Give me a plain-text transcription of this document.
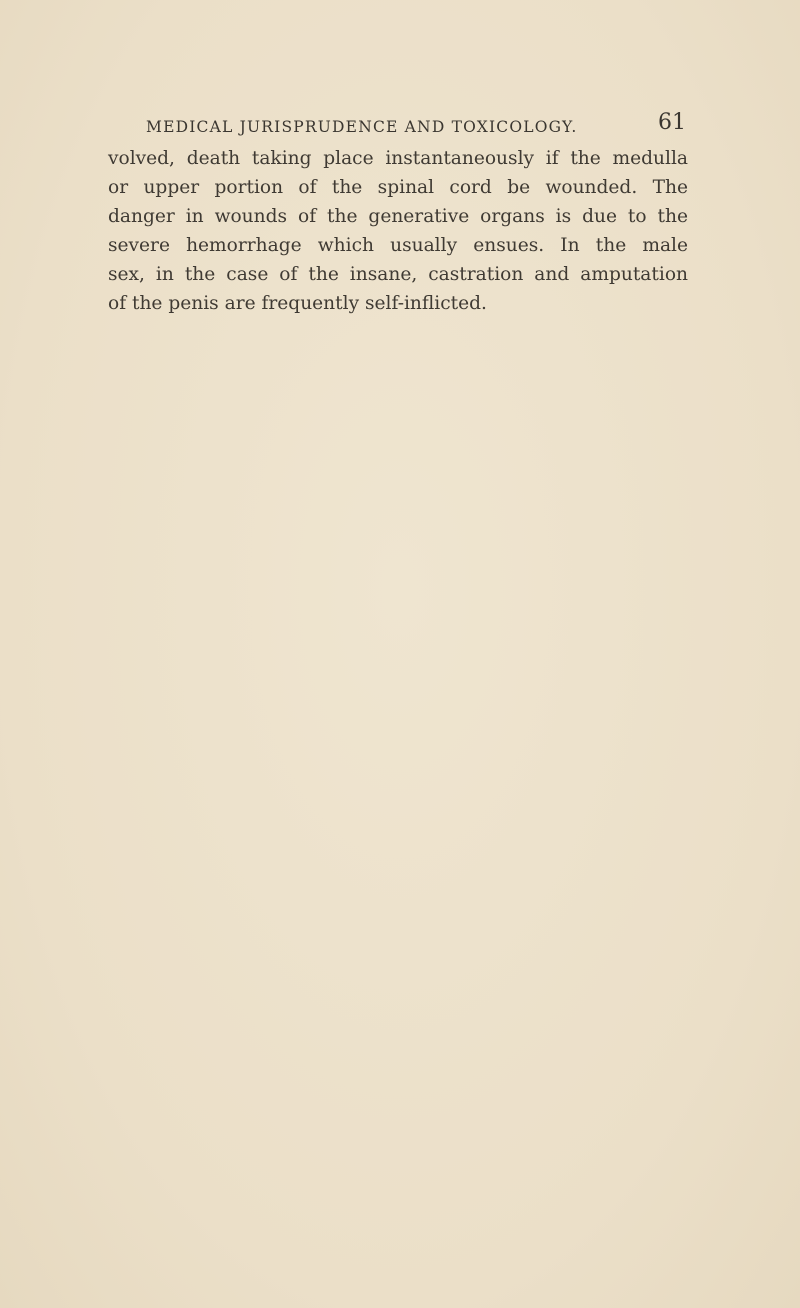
MEDICAL JURISPRUDENCE AND TOXICOLOGY.	61
volved, death taking place instantaneously if the medulla
or upper portion of the spinal cord be wounded. The
danger in wounds of the generative organs is due to the
severe hemorrhage which usually ensues. In the male
sex, in the case of the insane, castration and amputation
of the penis are frequently self-inflicted.
